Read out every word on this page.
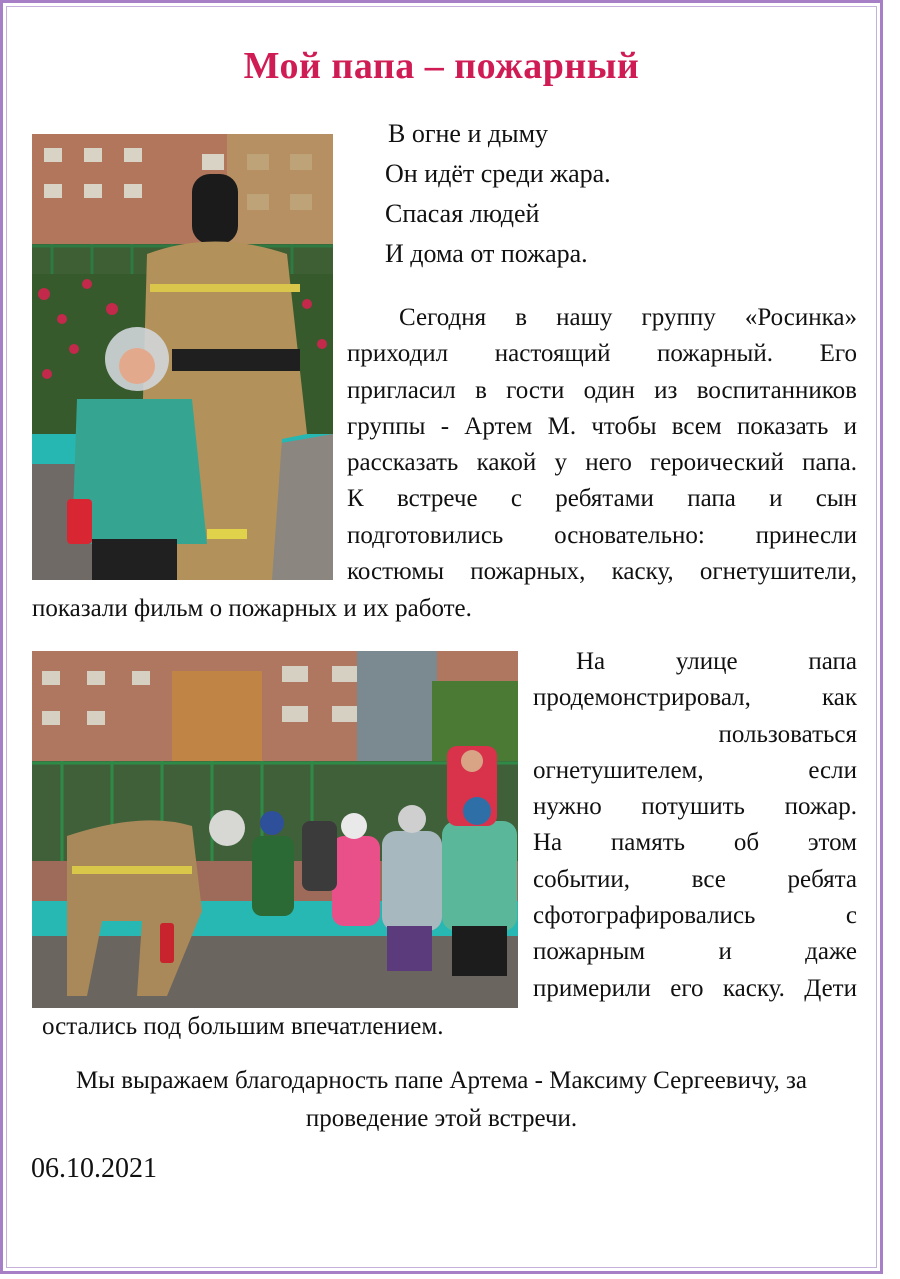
Мой папа – пожарный
В огне и дыму
Он идёт среди жара.
Спасая людей
И дома от пожара.
Сегодня в нашу группу «Росинка»
приходил настоящий пожарный. Его
пригласил в гости один из воспитанников
группы - Артем М. чтобы всем показать и
рассказать какой у него героический папа.
К встрече с ребятами папа и сын
подготовились основательно: принесли
костюмы пожарных, каску, огнетушители,
показали фильм о пожарных и их работе.
На улице папа
продемонстрировал, как
пользоваться
огнетушителем, если
нужно потушить пожар.
На память об этом
событии, все ребята
сфотографировались с
пожарным и даже
примерили его каску. Дети
остались под большим впечатлением.
Мы выражаем благодарность папе Артема - Максиму Сергеевичу, за
проведение этой встречи.
06.10.2021
